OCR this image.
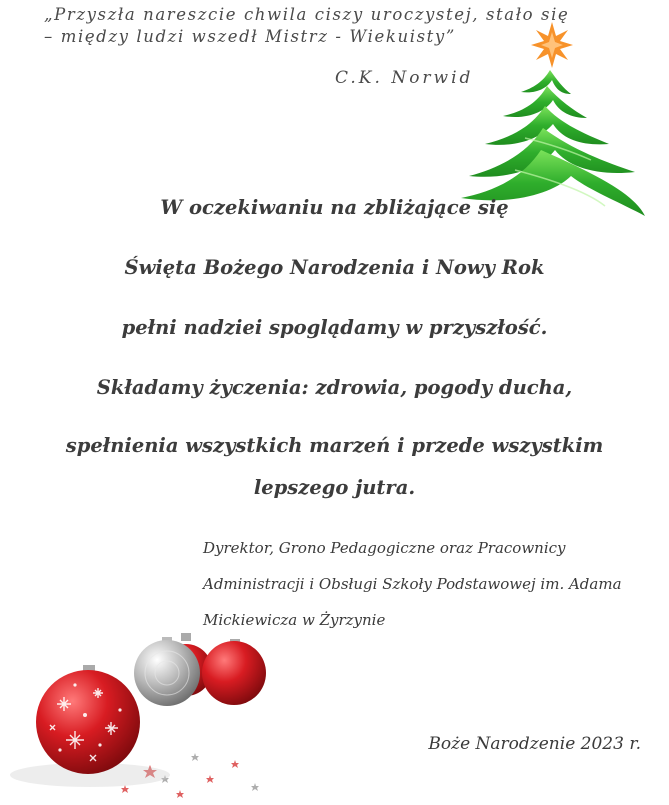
„Przyszła nareszcie chwila ciszy uroczystej, stało się
– między ludzi wszedł Mistrz - Wiekuisty”

C.K. Norwid

W oczekiwaniu na zbliżające się
Święta Bożego Narodzenia i Nowy Rok
pełni nadziei spoglądamy w przyszłość.
Składamy życzenia: zdrowia, pogody ducha,
spełnienia wszystkich marzeń i przede wszystkim
lepszego jutra.

Dyrektor, Grono Pedagogiczne oraz Pracownicy
Administracji i Obsługi Szkoły Podstawowej im. Adama
Mickiewicza w Żyrzynie

Boże Narodzenie 2023 r.
